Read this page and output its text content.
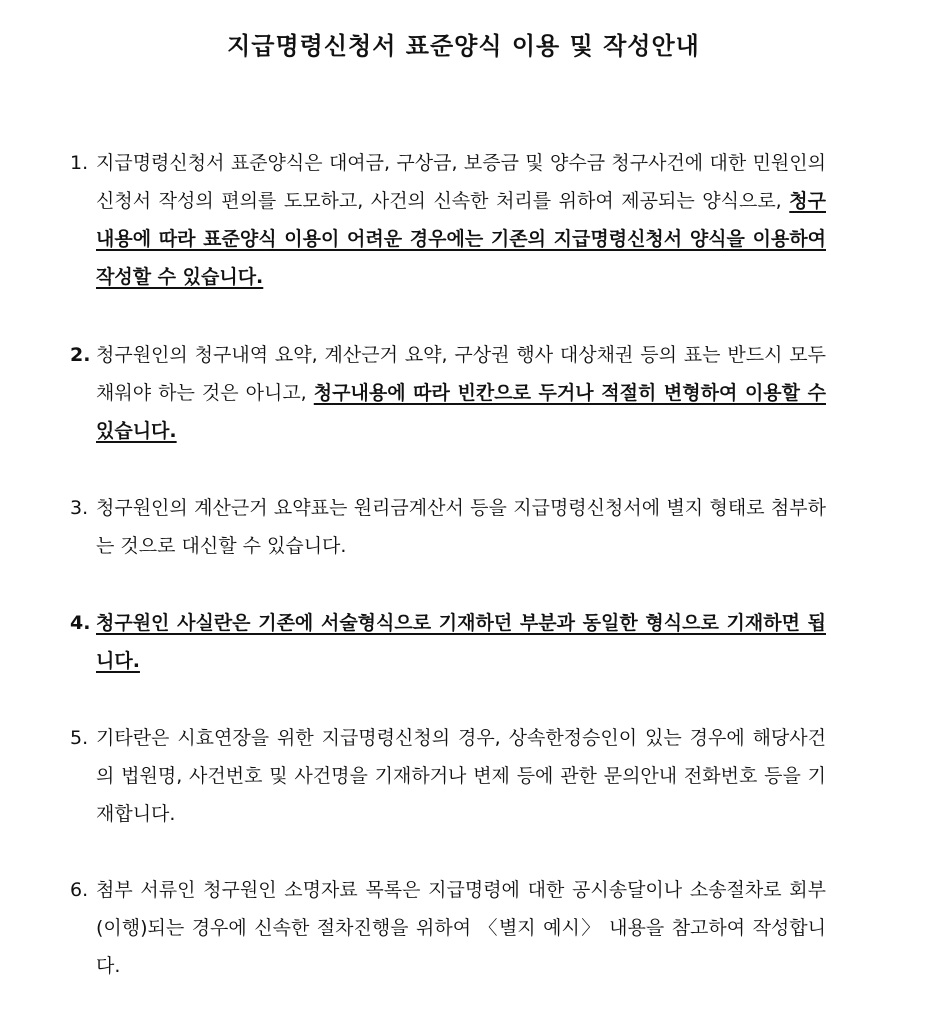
지급명령신청서 표준양식 이용 및 작성안내
1. 지급명령신청서 표준양식은 대여금, 구상금, 보증금 및 양수금 청구사건에 대한 민원인의 신청서 작성의 편의를 도모하고, 사건의 신속한 처리를 위하여 제공되는 양식으로, 청구내용에 따라 표준양식 이용이 어려운 경우에는 기존의 지급명령신청서 양식을 이용하여 작성할 수 있습니다.
2. 청구원인의 청구내역 요약, 계산근거 요약, 구상권 행사 대상채권 등의 표는 반드시 모두 채워야 하는 것은 아니고, 청구내용에 따라 빈칸으로 두거나 적절히 변형하여 이용할 수 있습니다.
3. 청구원인의 계산근거 요약표는 원리금계산서 등을 지급명령신청서에 별지 형태로 첨부하는 것으로 대신할 수 있습니다.
4. 청구원인 사실란은 기존에 서술형식으로 기재하던 부분과 동일한 형식으로 기재하면 됩니다.
5. 기타란은 시효연장을 위한 지급명령신청의 경우, 상속한정승인이 있는 경우에 해당사건의 법원명, 사건번호 및 사건명을 기재하거나 변제 등에 관한 문의안내 전화번호 등을 기재합니다.
6. 첨부 서류인 청구원인 소명자료 목록은 지급명령에 대한 공시송달이나 소송절차로 회부(이행)되는 경우에 신속한 절차진행을 위하여 〈별지 예시〉 내용을 참고하여 작성합니다.
